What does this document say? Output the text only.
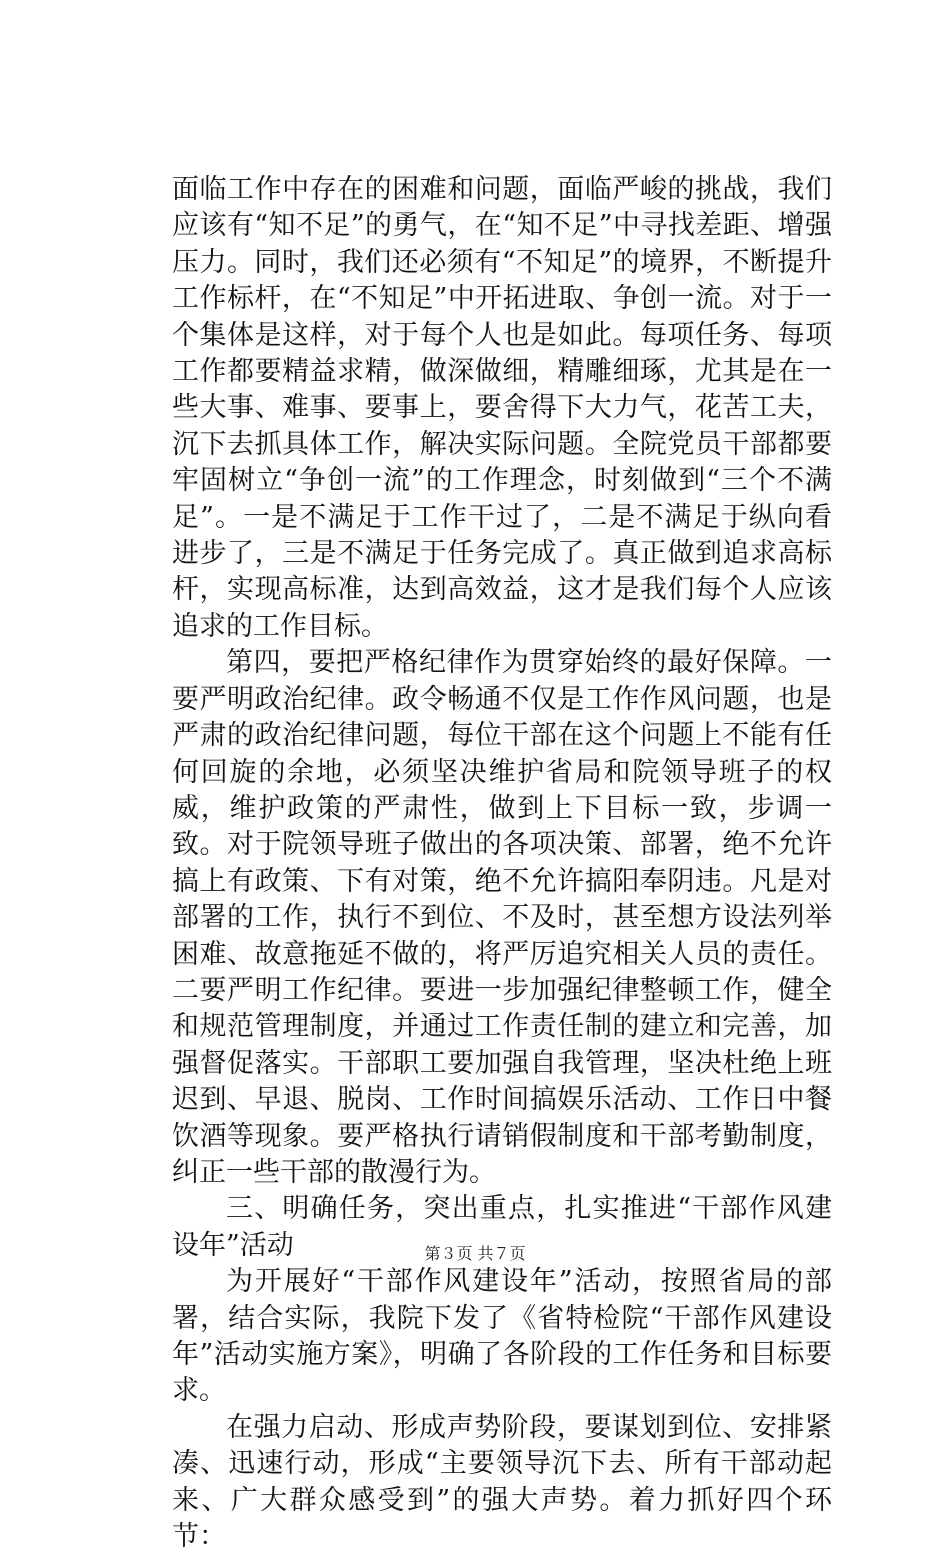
面临工作中存在的困难和问题，面临严峻的挑战，我们应该有“知不足”的勇气，在“知不足”中寻找差距、增强压力。同时，我们还必须有“不知足”的境界，不断提升工作标杆，在“不知足”中开拓进取、争创一流。对于一个集体是这样，对于每个人也是如此。每项任务、每项工作都要精益求精，做深做细，精雕细琢，尤其是在一些大事、难事、要事上，要舍得下大力气，花苦工夫，沉下去抓具体工作，解决实际问题。全院党员干部都要牢固树立“争创一流”的工作理念，时刻做到“三个不满足”。一是不满足于工作干过了，二是不满足于纵向看进步了，三是不满足于任务完成了。真正做到追求高标杆，实现高标准，达到高效益，这才是我们每个人应该追求的工作目标。

第四，要把严格纪律作为贯穿始终的最好保障。一要严明政治纪律。政令畅通不仅是工作作风问题，也是严肃的政治纪律问题，每位干部在这个问题上不能有任何回旋的余地，必须坚决维护省局和院领导班子的权威，维护政策的严肃性，做到上下目标一致，步调一致。对于院领导班子做出的各项决策、部署，绝不允许搞上有政策、下有对策，绝不允许搞阳奉阴违。凡是对部署的工作，执行不到位、不及时，甚至想方设法列举困难、故意拖延不做的，将严厉追究相关人员的责任。二要严明工作纪律。要进一步加强纪律整顿工作，健全和规范管理制度，并通过工作责任制的建立和完善，加强督促落实。干部职工要加强自我管理，坚决杜绝上班迟到、早退、脱岗、工作时间搞娱乐活动、工作日中餐饮酒等现象。要严格执行请销假制度和干部考勤制度，纠正一些干部的散漫行为。

三、明确任务，突出重点，扎实推进“干部作风建设年”活动

为开展好“干部作风建设年”活动，按照省局的部署，结合实际，我院下发了《省特检院“干部作风建设年”活动实施方案》，明确了各阶段的工作任务和目标要求。

在强力启动、形成声势阶段，要谋划到位、安排紧凑、迅速行动，形成“主要领导沉下去、所有干部动起来、广大群众感受到”的强大声势。着力抓好四个环节：

第３页 共７页
